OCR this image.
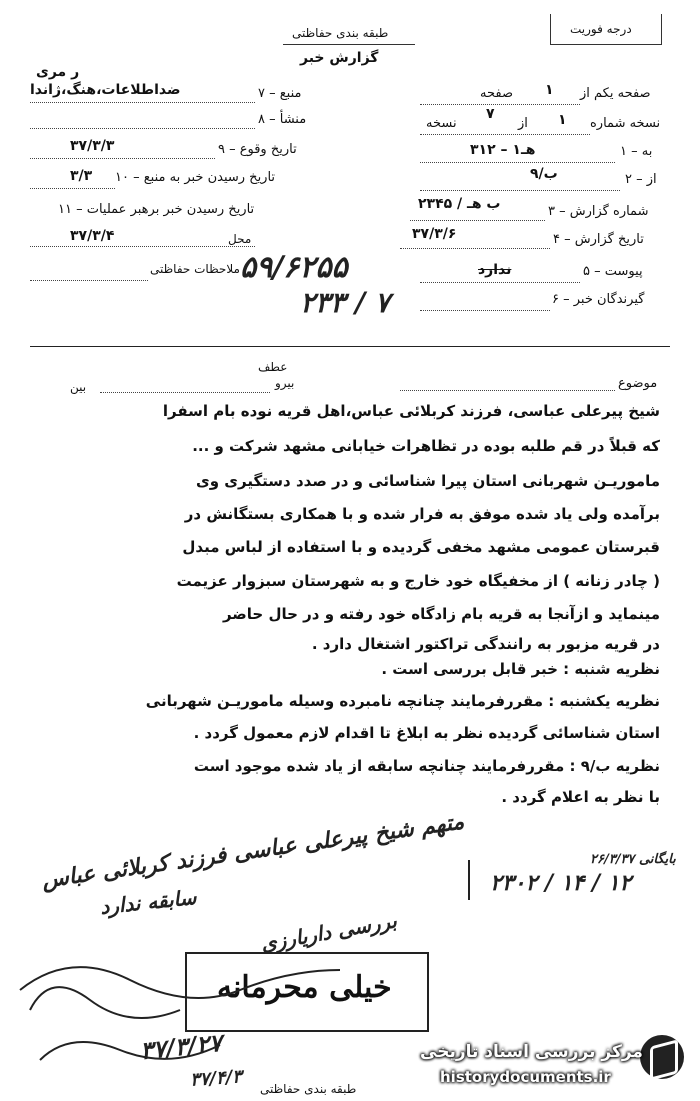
درجه فوریت
طبقه بندی حفاظتی
گزارش خبر
ر مری
۷ – منبع
ضداطلاعات،هنگ،ژاندا
۸ – منشأ
۹ – تاریخ وقوع
۳۷/۳/۳
۱۰ – تاریخ رسیدن خبر به منبع
۳/۳
۱۱ – تاریخ رسیدن خبر برهبر عملیات
۳۷/۳/۴	محل
ملاحظات حفاظتی
صفحه یکم از
۱
صفحه
نسخه شماره
۱
از
۷
نسخه
۱ – به
۳۱۲ – هـ۱
۲ – از
۹/ب
۳ – شماره گزارش
۲۳۴۵ / ب هـ
۴ – تاریخ گزارش
۳۷/۳/۶
۵ – پیوست
ندارد
۶ – گیرندگان خبر
۵۹/۶۲۵۵
۲۳۳ / ۷
موضوع
عطف
بیرو
بین
شیخ پیرعلی عباسی، فرزند کربلائی عباس،اهل قریه نوده بام اسفرا
که قبلاً در قم طلبه بوده در تظاهرات خیابانی مشهد شرکت و ...
ماموریـن شهربانی استان پیرا شناسائی و در صدد دستگیری وی
برآمده ولی یاد شده موفق به فرار شده و با همکاری بستگانش در
قبرستان عمومی مشهد مخفی گردیده و با استفاده از لباس مبدل
( چادر زنانه ) از مخفیگاه خود خارج و به شهرستان سبزوار عزیمت
مینماید و ازآنجا به قریه بام زادگاه خود رفته و در حال حاضر
در قریه مزبور به رانندگی تراکتور اشتغال دارد .
نظریه شنبه : خبر قابل بررسی است .
نظریه یکشنبه : مقررفرمایند چنانچه نامبرده وسیله ماموریـن شهربانی
استان شناسائی گردیده نظر به ابلاغ تا اقدام لازم معمول گردد .
نظریه ب/۹ : مقررفرمایند چنانچه سابقه از یاد شده موجود است
با نظر به اعلام گردد .
متهم شیخ پیرعلی عباسی فرزند کربلائی عباس
سابقه ندارد
بررسی داریارزی
۲۶/۳/۳۷ بایگانی
۲۳۰۲ / ۱۴ / ۱۲
خیلی محرمانه
۳۷/۳/۲۷
۳۷/۴/۳ طبقه بندی حفاظتی
مرکز بررسی اسناد تاریخی
historydocuments.ir
